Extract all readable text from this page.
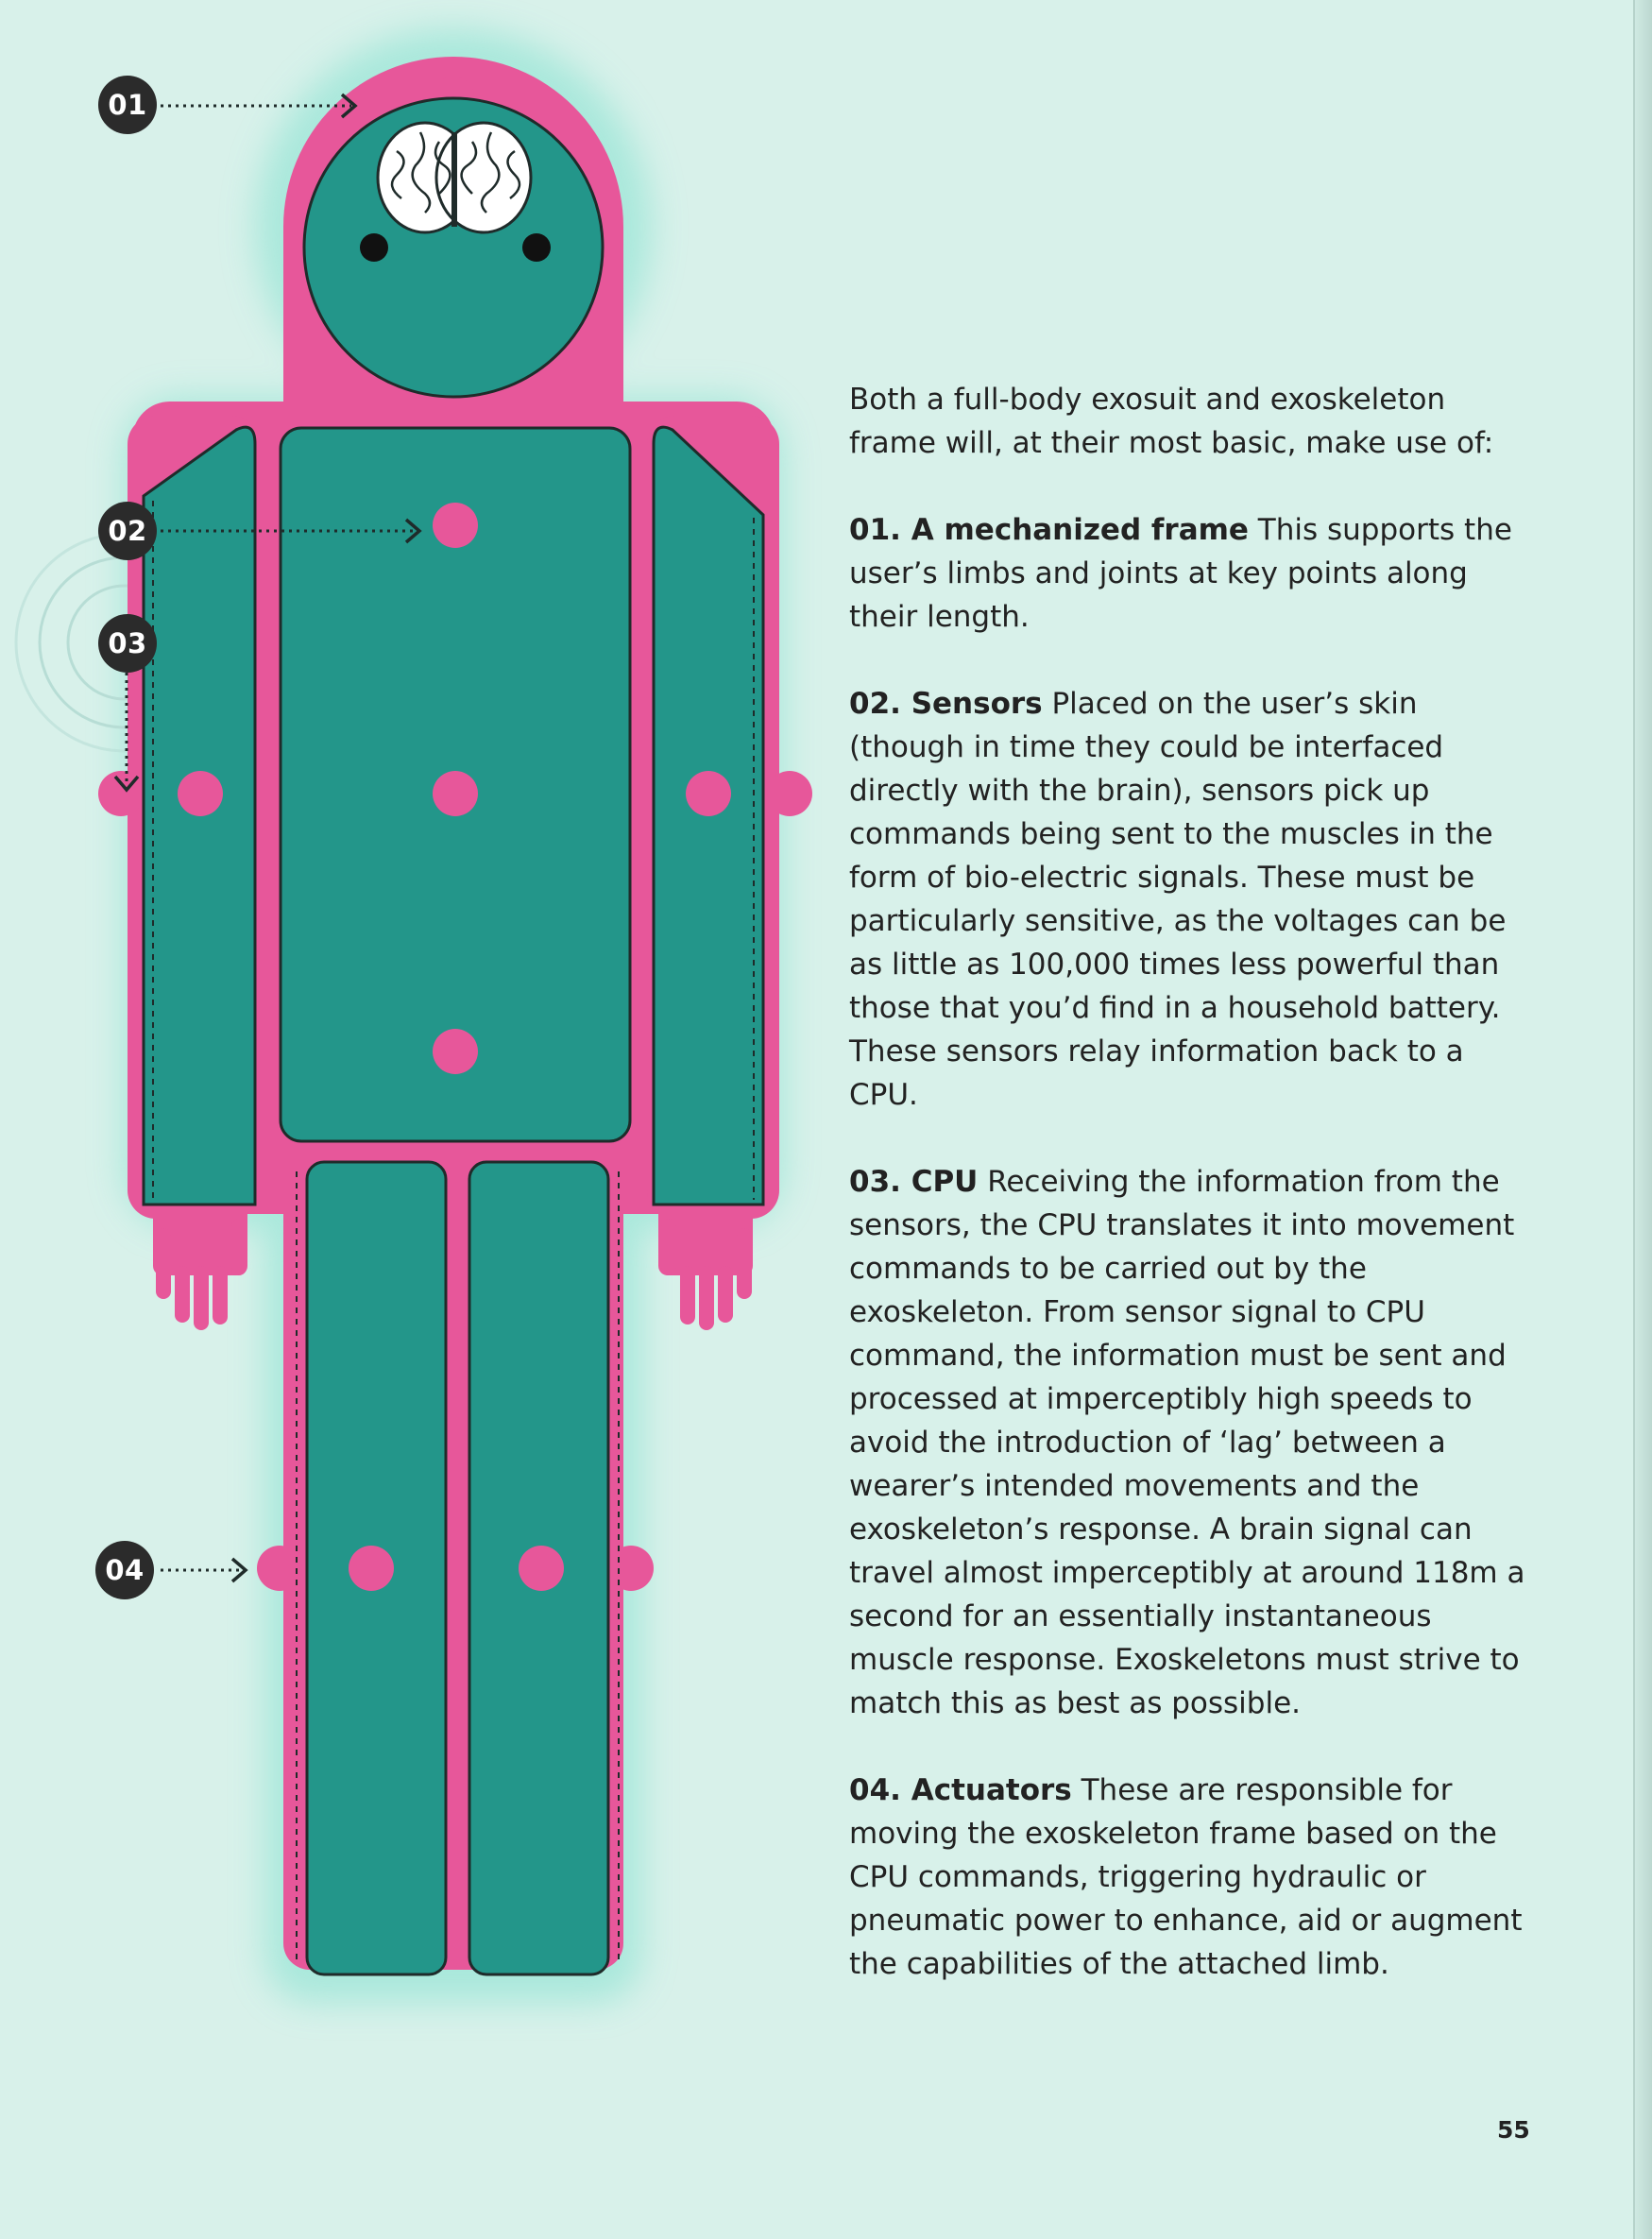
01
02
03
04

Both a full-body exosuit and exoskeleton frame will, at their most basic, make use of:

01. A mechanized frame This supports the user’s limbs and joints at key points along their length.

02. Sensors Placed on the user’s skin (though in time they could be interfaced directly with the brain), sensors pick up commands being sent to the muscles in the form of bio-electric signals. These must be particularly sensitive, as the voltages can be as little as 100,000 times less powerful than those that you’d find in a household battery. These sensors relay information back to a CPU.

03. CPU Receiving the information from the sensors, the CPU translates it into movement commands to be carried out by the exoskeleton. From sensor signal to CPU command, the information must be sent and processed at imperceptibly high speeds to avoid the introduction of ‘lag’ between a wearer’s intended movements and the exoskeleton’s response. A brain signal can travel almost imperceptibly at around 118m a second for an essentially instantaneous muscle response. Exoskeletons must strive to match this as best as possible.

04. Actuators These are responsible for moving the exoskeleton frame based on the CPU commands, triggering hydraulic or pneumatic power to enhance, aid or augment the capabilities of the attached limb.

55
